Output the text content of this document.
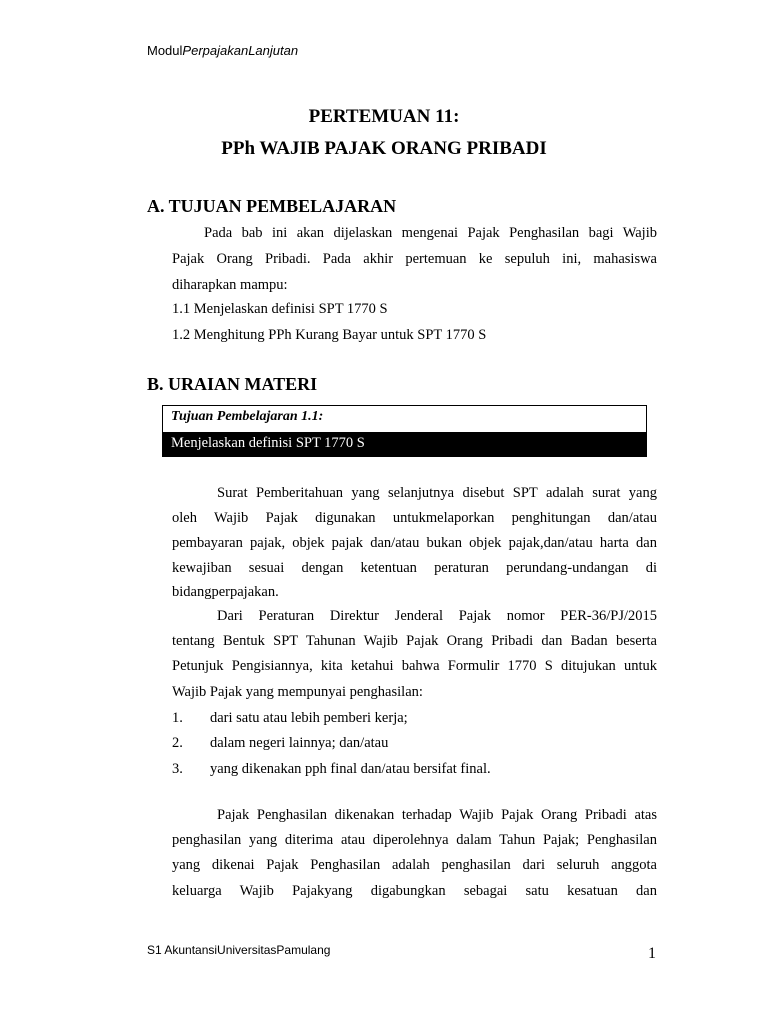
ModulPerpajakanLanjutan
PERTEMUAN 11:
PPh WAJIB PAJAK ORANG PRIBADI
A. TUJUAN PEMBELAJARAN
Pada bab ini akan dijelaskan mengenai Pajak Penghasilan bagi Wajib
Pajak Orang Pribadi. Pada akhir pertemuan ke sepuluh ini, mahasiswa
diharapkan mampu:
1.1 Menjelaskan definisi SPT 1770 S
1.2 Menghitung PPh Kurang Bayar untuk SPT 1770 S
B. URAIAN MATERI
Tujuan Pembelajaran 1.1:
Menjelaskan definisi SPT 1770 S
Surat Pemberitahuan yang selanjutnya disebut SPT adalah surat yang
oleh Wajib Pajak digunakan untukmelaporkan penghitungan dan/atau
pembayaran pajak, objek pajak dan/atau bukan objek pajak,dan/atau harta dan
kewajiban sesuai dengan ketentuan peraturan perundang-undangan di
bidangperpajakan.
Dari Peraturan Direktur Jenderal Pajak nomor PER-36/PJ/2015
tentang Bentuk SPT Tahunan Wajib Pajak Orang Pribadi dan Badan beserta
Petunjuk Pengisiannya, kita ketahui bahwa Formulir 1770 S ditujukan untuk
Wajib Pajak yang mempunyai penghasilan:
1. dari satu atau lebih pemberi kerja;
2. dalam negeri lainnya; dan/atau
3. yang dikenakan pph final dan/atau bersifat final.
Pajak Penghasilan dikenakan terhadap Wajib Pajak Orang Pribadi atas
penghasilan yang diterima atau diperolehnya dalam Tahun Pajak; Penghasilan
yang dikenai Pajak Penghasilan adalah penghasilan dari seluruh anggota
keluarga Wajib Pajakyang digabungkan sebagai satu kesatuan dan
S1 AkuntansiUniversitasPamulang	1
